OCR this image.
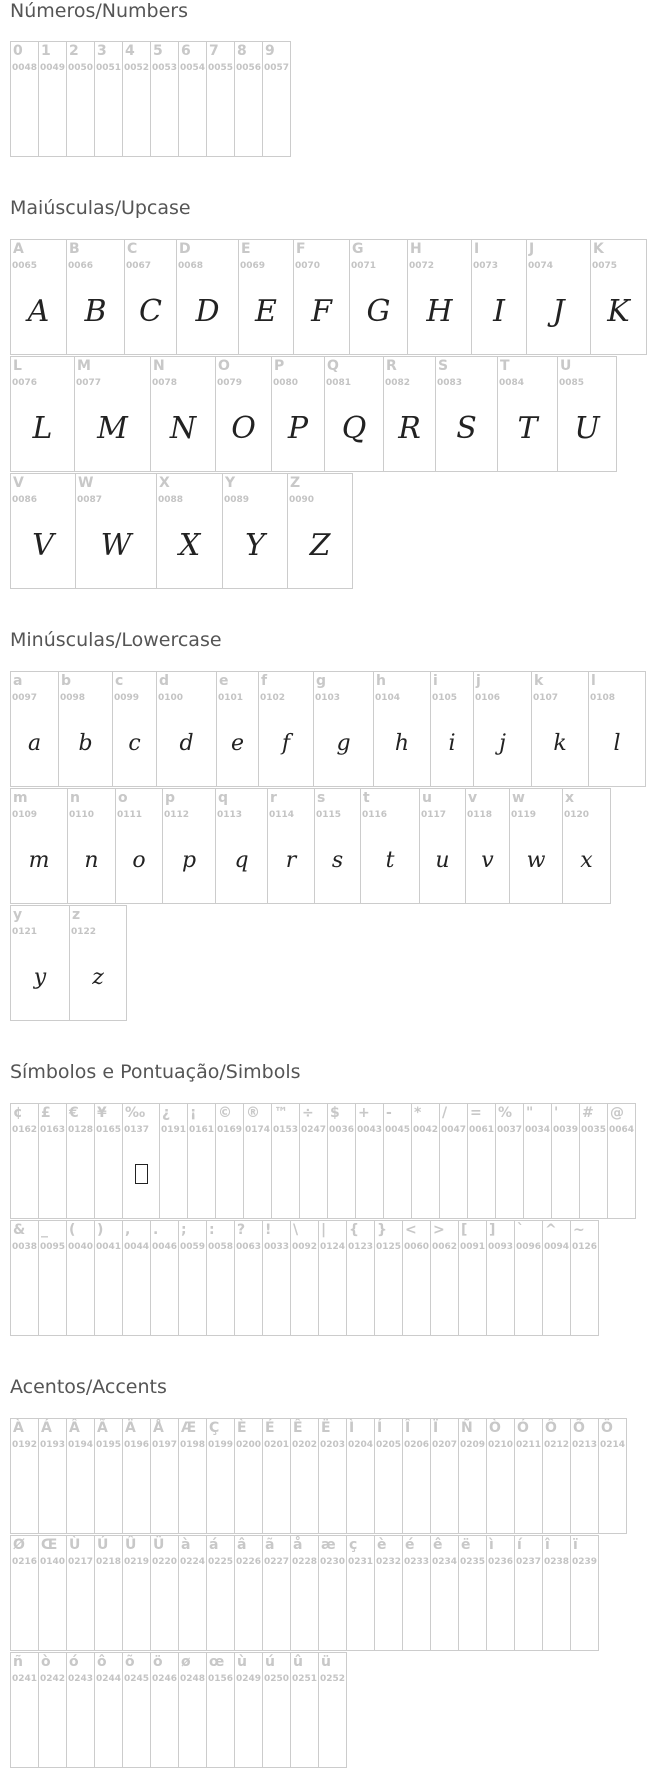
Números/Numbers
0
0048
1
0049
2
0050
3
0051
4
0052
5
0053
6
0054
7
0055
8
0056
9
0057
Maiúsculas/Upcase
A
0065
A
B
0066
B
C
0067
C
D
0068
D
E
0069
E
F
0070
F
G
0071
G
H
0072
H
I
0073
I
J
0074
J
K
0075
K
L
0076
L
M
0077
M
N
0078
N
O
0079
O
P
0080
P
Q
0081
Q
R
0082
R
S
0083
S
T
0084
T
U
0085
U
V
0086
V
W
0087
W
X
0088
X
Y
0089
Y
Z
0090
Z
Minúsculas/Lowercase
a
0097
a
b
0098
b
c
0099
c
d
0100
d
e
0101
e
f
0102
f
g
0103
g
h
0104
h
i
0105
i
j
0106
j
k
0107
k
l
0108
l
m
0109
m
n
0110
n
o
0111
o
p
0112
p
q
0113
q
r
0114
r
s
0115
s
t
0116
t
u
0117
u
v
0118
v
w
0119
w
x
0120
x
y
0121
y
z
0122
z
Símbolos e Pontuação/Simbols
¢
0162
£
0163
€
0128
¥
0165
‰
0137
¿
0191
¡
0161
©
0169
®
0174
™
0153
÷
0247
$
0036
+
0043
-
0045
*
0042
/
0047
=
0061
%
0037
"
0034
'
0039
#
0035
@
0064
&
0038
_
0095
(
0040
)
0041
,
0044
.
0046
;
0059
:
0058
?
0063
!
0033
\
0092
|
0124
{
0123
}
0125
<
0060
>
0062
[
0091
]
0093
`
0096
^
0094
~
0126
Acentos/Accents
À
0192
Á
0193
Â
0194
Ã
0195
Ä
0196
Å
0197
Æ
0198
Ç
0199
È
0200
É
0201
Ê
0202
Ë
0203
Ì
0204
Í
0205
Î
0206
Ï
0207
Ñ
0209
Ò
0210
Ó
0211
Ô
0212
Õ
0213
Ö
0214
Ø
0216
Œ
0140
Ù
0217
Ú
0218
Û
0219
Ü
0220
à
0224
á
0225
â
0226
ã
0227
å
0228
æ
0230
ç
0231
è
0232
é
0233
ê
0234
ë
0235
ì
0236
í
0237
î
0238
ï
0239
ñ
0241
ò
0242
ó
0243
ô
0244
õ
0245
ö
0246
ø
0248
œ
0156
ù
0249
ú
0250
û
0251
ü
0252
